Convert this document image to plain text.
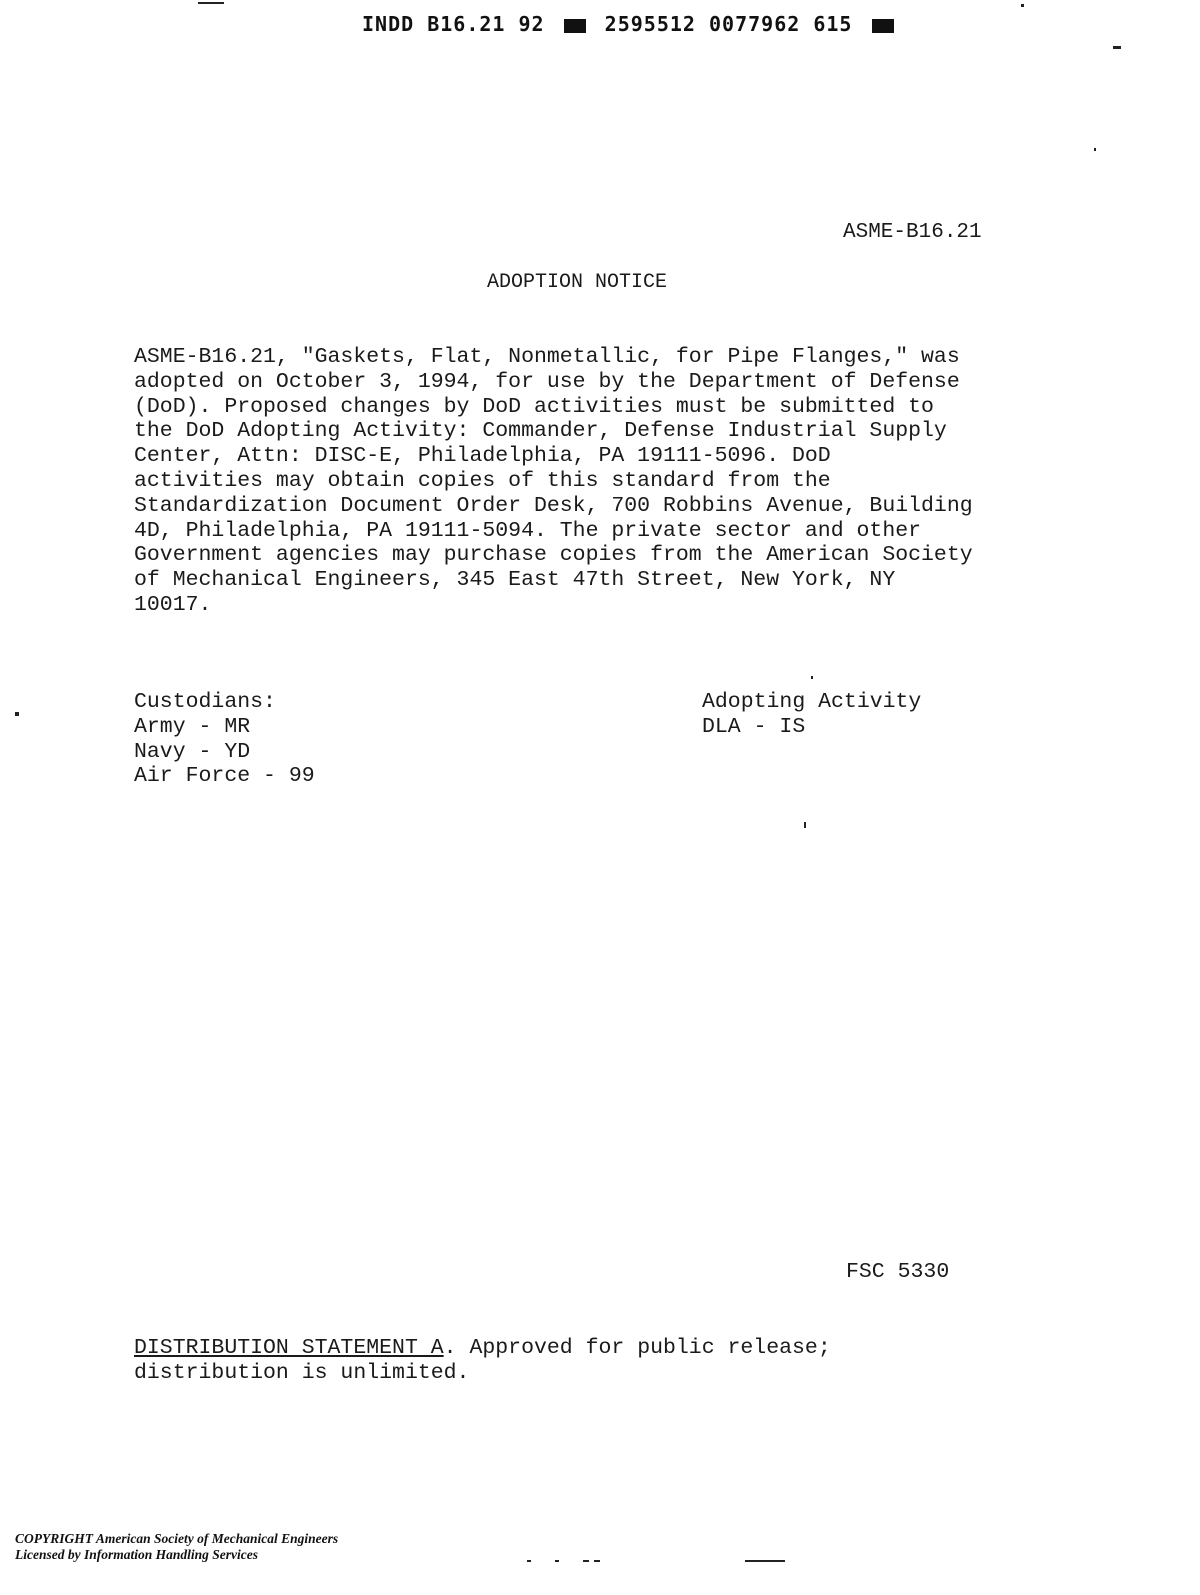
INDD B16.21 92	2595512 0077962 615
ASME-B16.21
ADOPTION NOTICE
ASME-B16.21, "Gaskets, Flat, Nonmetallic, for Pipe Flanges," was
adopted on October 3, 1994, for use by the Department of Defense
(DoD). Proposed changes by DoD activities must be submitted to
the DoD Adopting Activity: Commander, Defense Industrial Supply
Center, Attn: DISC-E, Philadelphia, PA 19111-5096. DoD
activities may obtain copies of this standard from the
Standardization Document Order Desk, 700 Robbins Avenue, Building
4D, Philadelphia, PA 19111-5094. The private sector and other
Government agencies may purchase copies from the American Society
of Mechanical Engineers, 345 East 47th Street, New York, NY
10017.
Custodians:
Army - MR
Navy - YD
Air Force - 99
Adopting Activity
DLA - IS
FSC 5330
DISTRIBUTION STATEMENT A. Approved for public release;
distribution is unlimited.
COPYRIGHT American Society of Mechanical Engineers
Licensed by Information Handling Services
